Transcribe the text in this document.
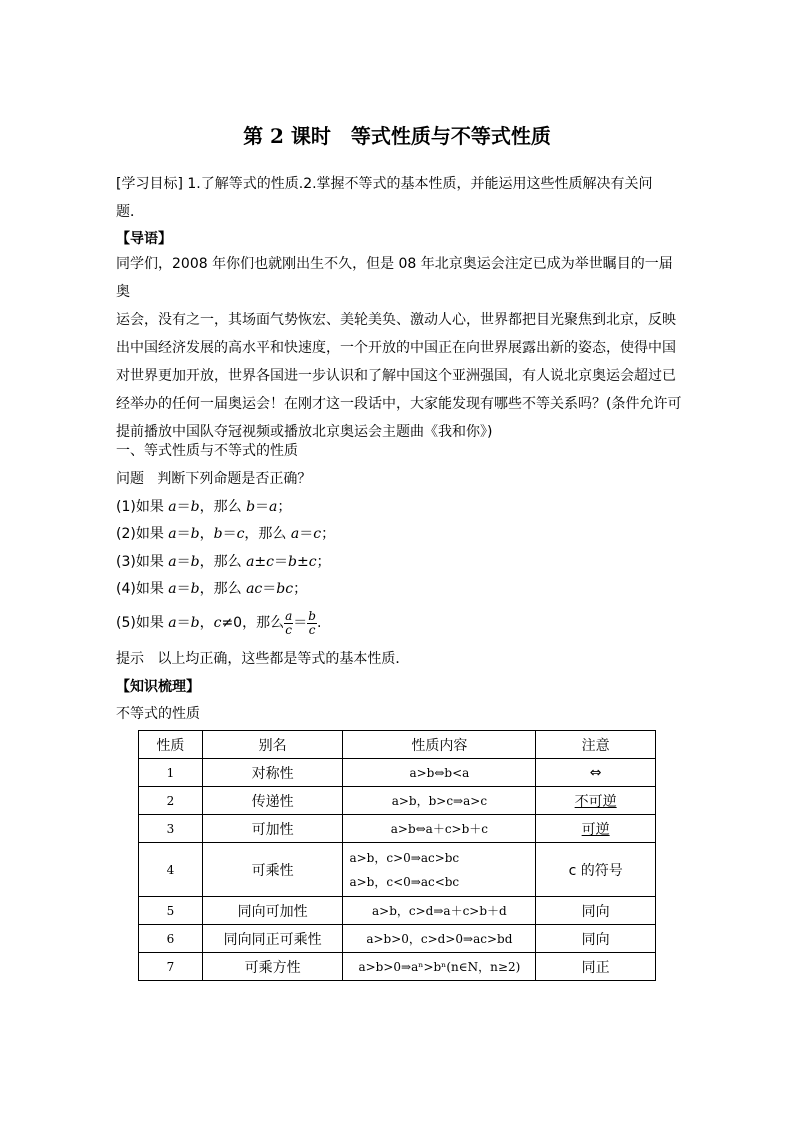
第 2 课时　等式性质与不等式性质
[学习目标] 1.了解等式的性质.2.掌握不等式的基本性质，并能运用这些性质解决有关问
题．
【导语】
同学们，2008 年你们也就刚出生不久，但是 08 年北京奥运会注定已成为举世瞩目的一届奥
运会，没有之一，其场面气势恢宏、美轮美奂、激动人心，世界都把目光聚焦到北京，反映
出中国经济发展的高水平和快速度，一个开放的中国正在向世界展露出新的姿态，使得中国
对世界更加开放，世界各国进一步认识和了解中国这个亚洲强国，有人说北京奥运会超过已
经举办的任何一届奥运会！在刚才这一段话中，大家能发现有哪些不等关系吗？(条件允许可
提前播放中国队夺冠视频或播放北京奥运会主题曲《我和你》)
一、等式性质与不等式的性质
问题 判断下列命题是否正确？
(1)如果 a＝b，那么 b＝a；
(2)如果 a＝b，b＝c，那么 a＝c；
(3)如果 a＝b，那么 a±c＝b±c；
(4)如果 a＝b，那么 ac＝bc；
(5)如果 a＝b，c≠0，那么 $\frac{a}{c} = \frac{b}{c}$ .
提示 以上均正确，这些都是等式的基本性质．
【知识梳理】
不等式的性质
性质	别名	性质内容	注意
1	对称性	a>b⇔b<a	⇔
2	传递性	a>b，b>c⇒a>c	不可逆
3	可加性	a>b⇔a＋c>b＋c	可逆
4	可乘性	a>b，c>0⇒ac>bc
a>b，c<0⇒ac<bc	c 的符号
5	同向可加性	a>b，c>d⇒a＋c>b＋d	同向
6	同向同正可乘性	a>b>0，c>d>0⇒ac>bd	同向
7	可乘方性	a>b>0⇒aⁿ>bⁿ(n∈N，n≥2)	同正
